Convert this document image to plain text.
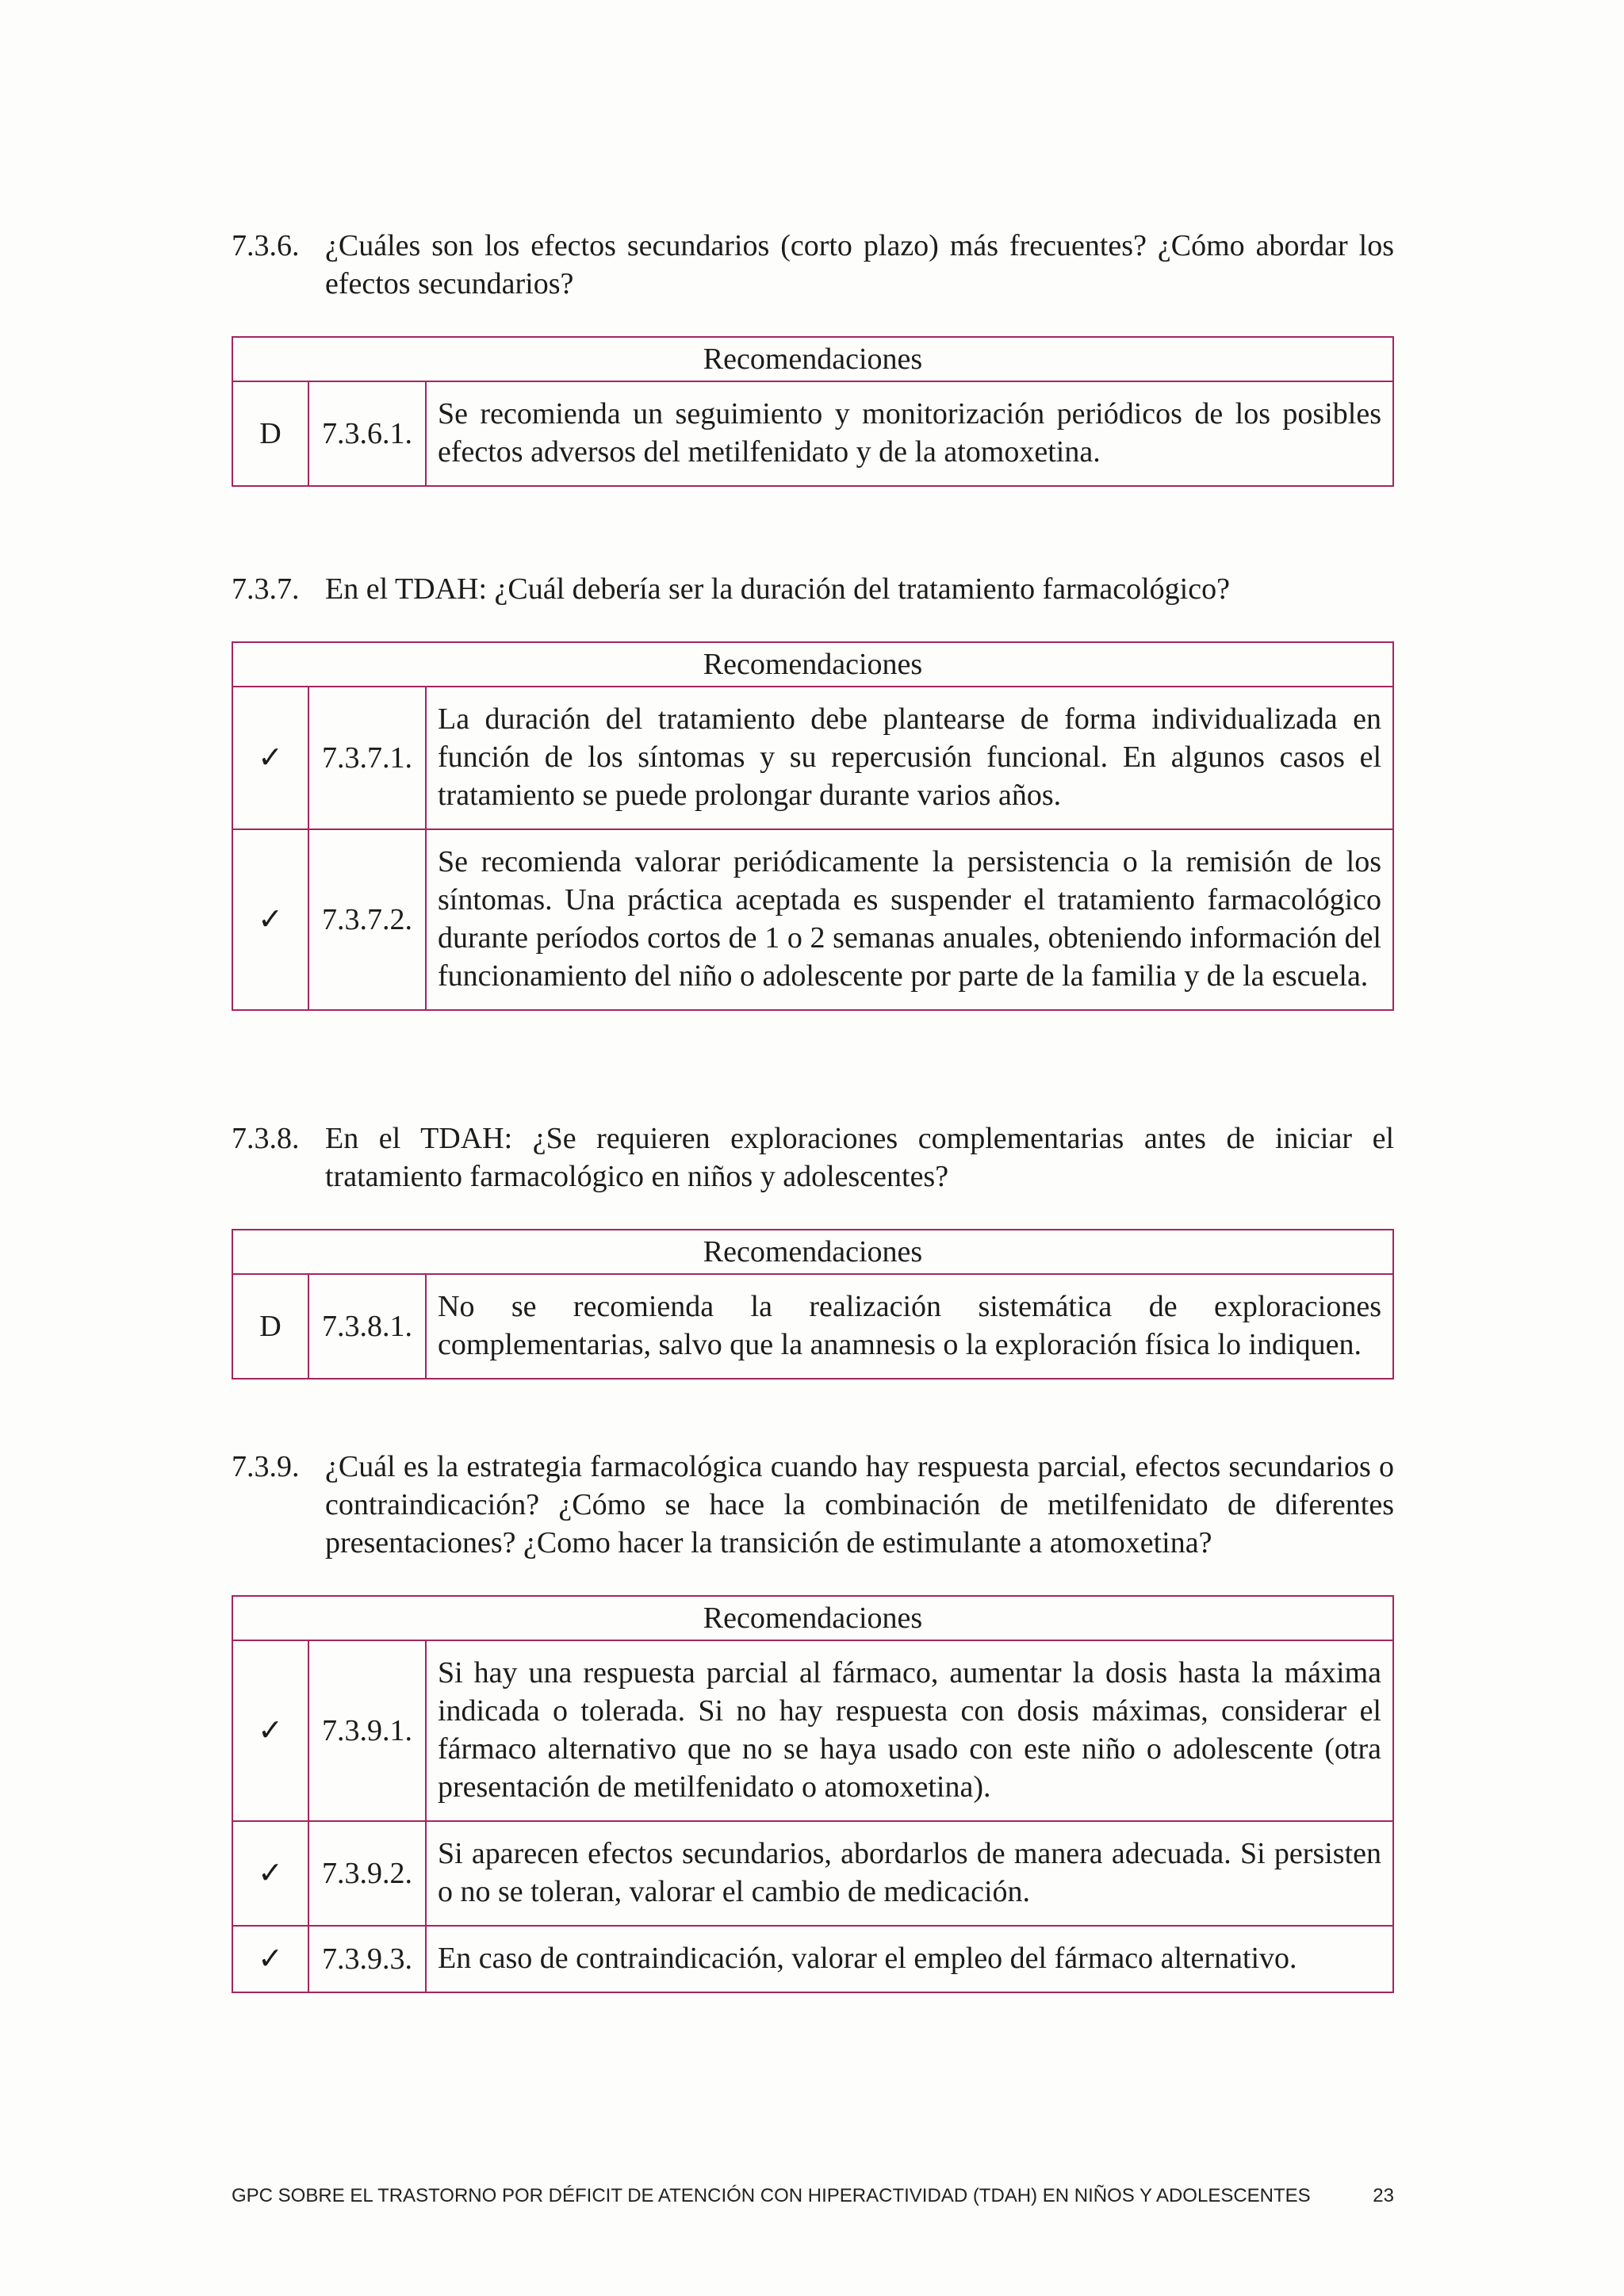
7.3.6. ¿Cuáles son los efectos secundarios (corto plazo) más frecuentes? ¿Cómo abordar los efectos secundarios?
Recomendaciones
D	7.3.6.1.	Se recomienda un seguimiento y monitorización periódicos de los posibles efectos adversos del metilfenidato y de la atomoxetina.
7.3.7. En el TDAH: ¿Cuál debería ser la duración del tratamiento farmacológico?
Recomendaciones		
✓	7.3.7.1.	La duración del tratamiento debe plantearse de forma individualizada en función de los síntomas y su repercusión funcional. En algunos casos el tratamiento se puede prolongar durante varios años.
✓	7.3.7.2.	Se recomienda valorar periódicamente la persistencia o la remisión de los síntomas. Una práctica aceptada es suspender el tratamiento farmacológico durante períodos cortos de 1 o 2 semanas anuales, obteniendo información del funcionamiento del niño o adolescente por parte de la familia y de la escuela.
7.3.8. En el TDAH: ¿Se requieren exploraciones complementarias antes de iniciar el tratamiento farmacológico en niños y adolescentes?
Recomendaciones
D	7.3.8.1.	No se recomienda la realización sistemática de exploraciones complementarias, salvo que la anamnesis o la exploración física lo indiquen.
7.3.9. ¿Cuál es la estrategia farmacológica cuando hay respuesta parcial, efectos secundarios o contraindicación? ¿Cómo se hace la combinación de metilfenidato de diferentes presentaciones? ¿Como hacer la transición de estimulante a atomoxetina?
Recomendaciones		
✓	7.3.9.1.	Si hay una respuesta parcial al fármaco, aumentar la dosis hasta la máxima indicada o tolerada. Si no hay respuesta con dosis máximas, considerar el fármaco alternativo que no se haya usado con este niño o adolescente (otra presentación de metilfenidato o atomoxetina).
✓	7.3.9.2.	Si aparecen efectos secundarios, abordarlos de manera adecuada. Si persisten o no se toleran, valorar el cambio de medicación.
✓	7.3.9.3.	En caso de contraindicación, valorar el empleo del fármaco alternativo.
GPC SOBRE EL TRASTORNO POR DÉFICIT DE ATENCIÓN CON HIPERACTIVIDAD (TDAH) EN NIÑOS Y ADOLESCENTES	23
